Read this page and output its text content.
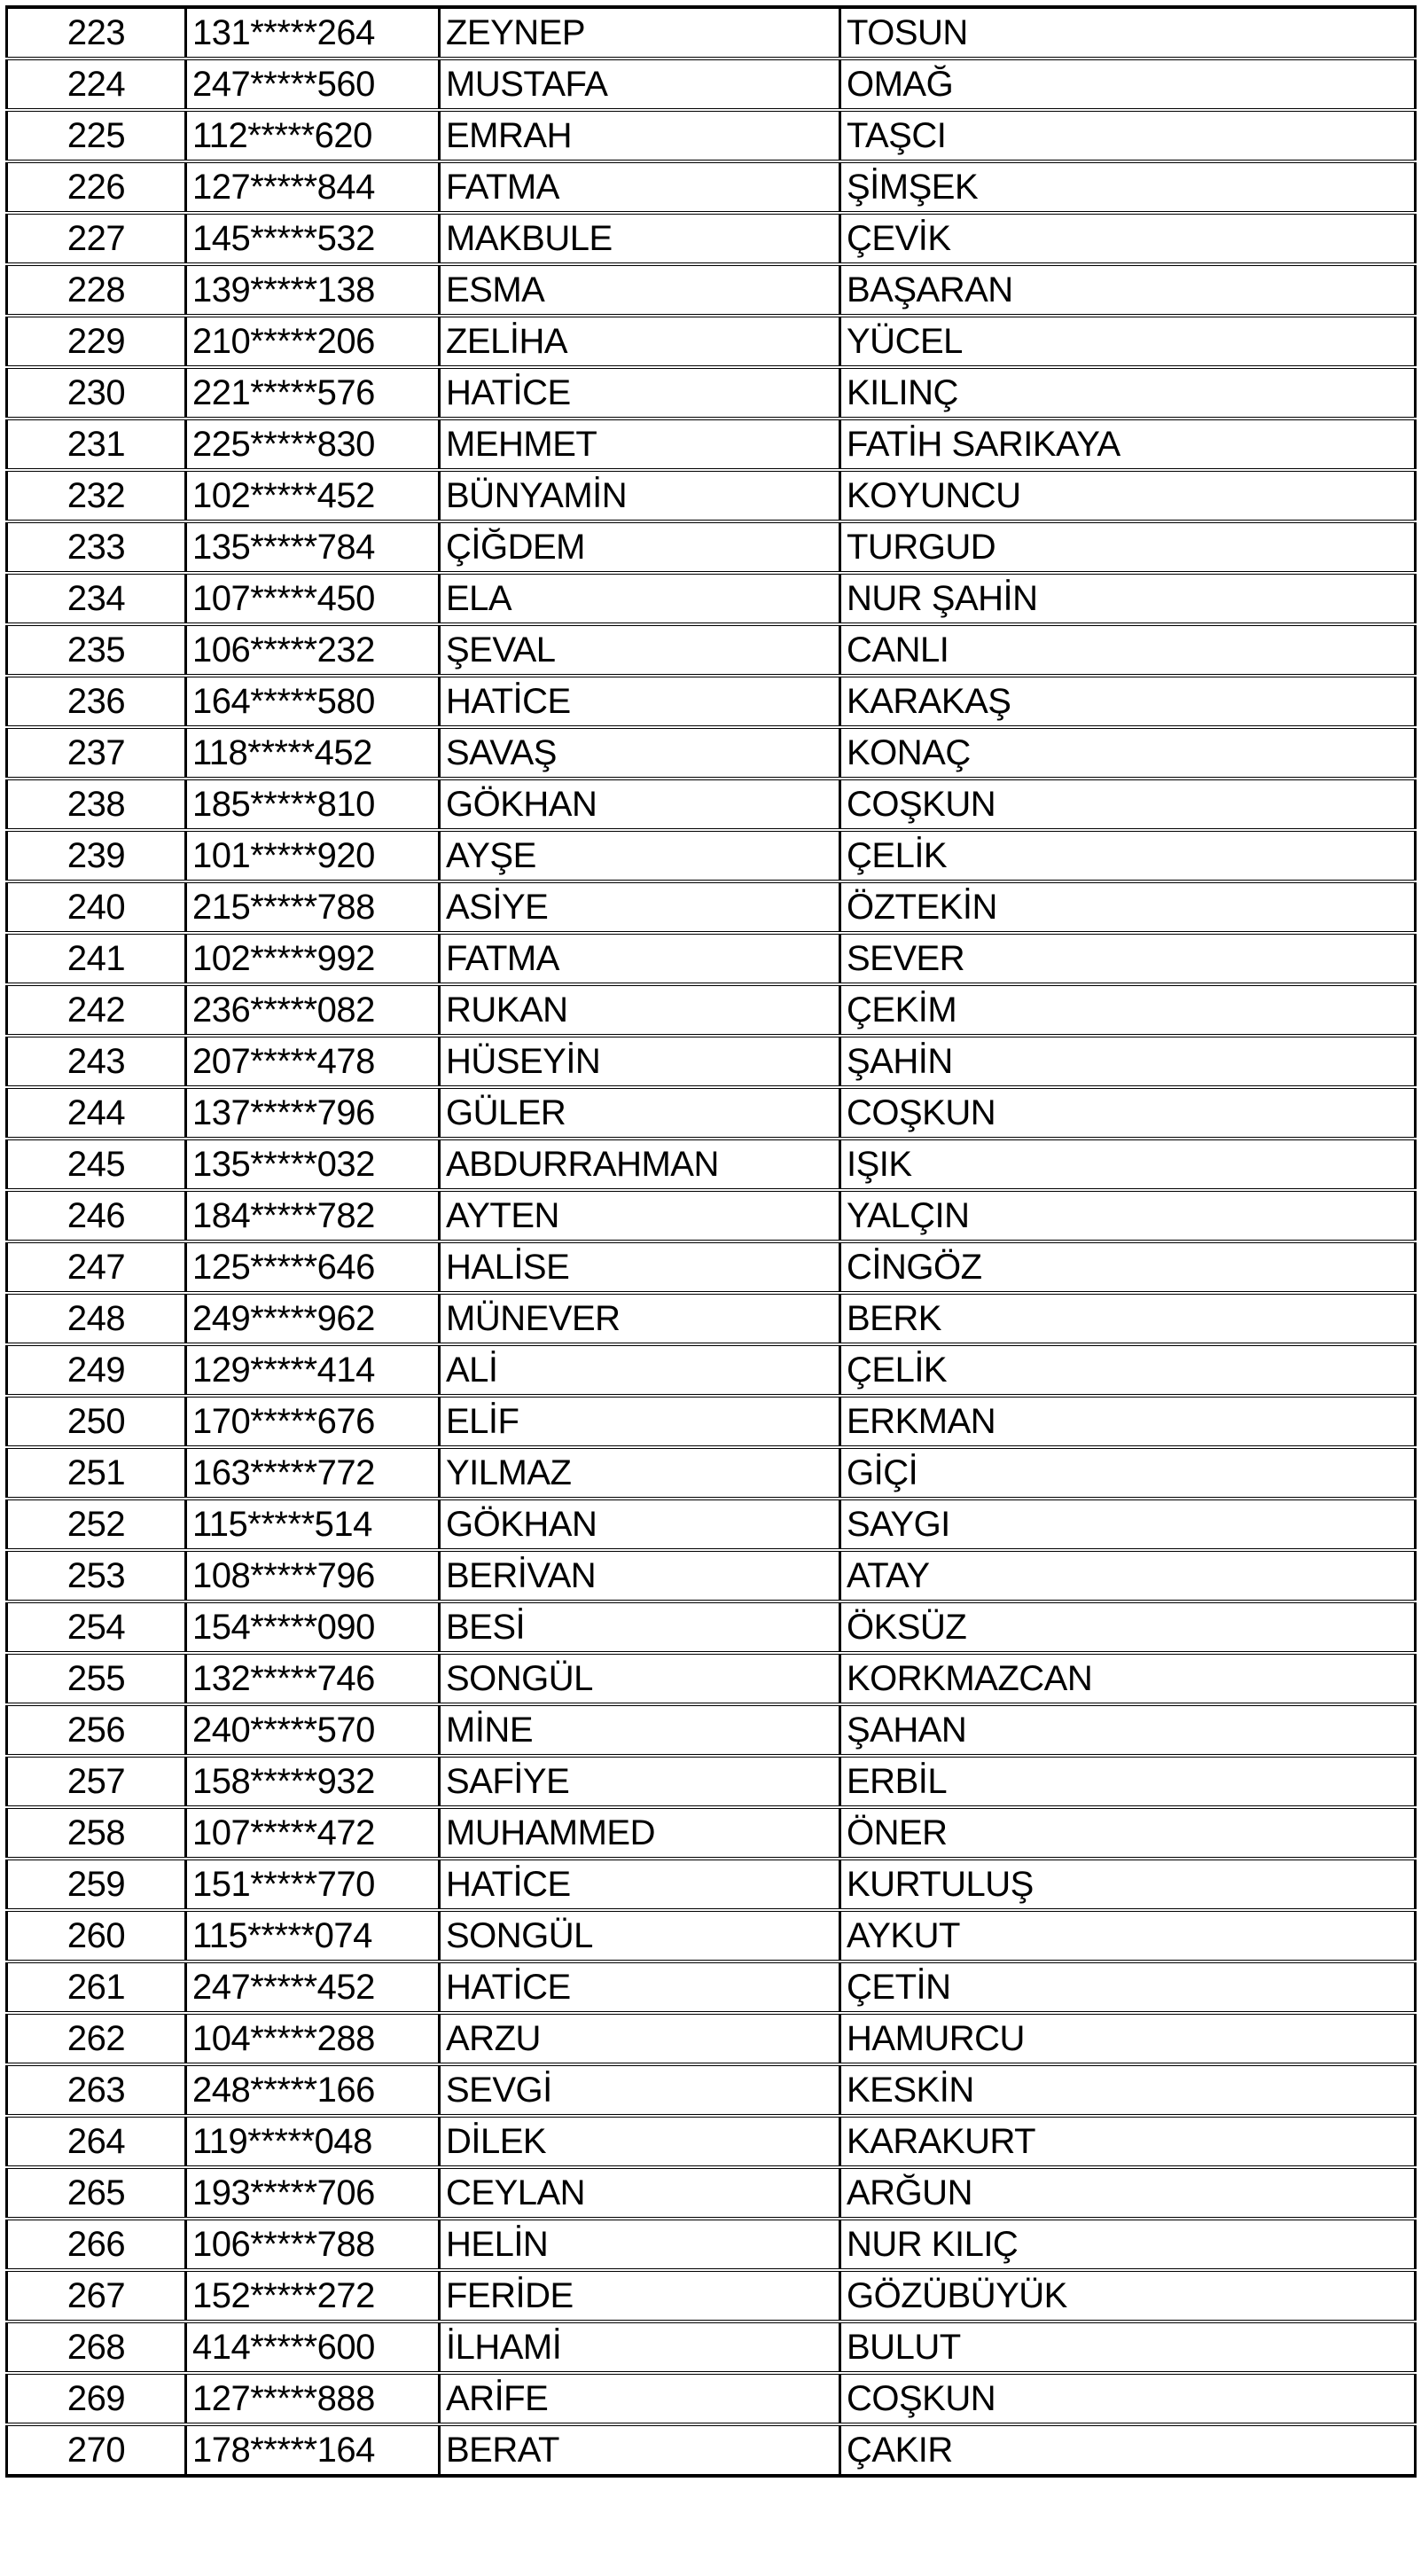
223	131*****264	ZEYNEP	TOSUN
224	247*****560	MUSTAFA	OMAĞ
225	112*****620	EMRAH	TAŞCI
226	127*****844	FATMA	ŞİMŞEK
227	145*****532	MAKBULE	ÇEVİK
228	139*****138	ESMA	BAŞARAN
229	210*****206	ZELİHA	YÜCEL
230	221*****576	HATİCE	KILINÇ
231	225*****830	MEHMET	FATİH SARIKAYA
232	102*****452	BÜNYAMİN	KOYUNCU
233	135*****784	ÇİĞDEM	TURGUD
234	107*****450	ELA	NUR ŞAHİN
235	106*****232	ŞEVAL	CANLI
236	164*****580	HATİCE	KARAKAŞ
237	118*****452	SAVAŞ	KONAÇ
238	185*****810	GÖKHAN	COŞKUN
239	101*****920	AYŞE	ÇELİK
240	215*****788	ASİYE	ÖZTEKİN
241	102*****992	FATMA	SEVER
242	236*****082	RUKAN	ÇEKİM
243	207*****478	HÜSEYİN	ŞAHİN
244	137*****796	GÜLER	COŞKUN
245	135*****032	ABDURRAHMAN	IŞIK
246	184*****782	AYTEN	YALÇIN
247	125*****646	HALİSE	CİNGÖZ
248	249*****962	MÜNEVER	BERK
249	129*****414	ALİ	ÇELİK
250	170*****676	ELİF	ERKMAN
251	163*****772	YILMAZ	GİÇİ
252	115*****514	GÖKHAN	SAYGI
253	108*****796	BERİVAN	ATAY
254	154*****090	BESİ	ÖKSÜZ
255	132*****746	SONGÜL	KORKMAZCAN
256	240*****570	MİNE	ŞAHAN
257	158*****932	SAFİYE	ERBİL
258	107*****472	MUHAMMED	ÖNER
259	151*****770	HATİCE	KURTULUŞ
260	115*****074	SONGÜL	AYKUT
261	247*****452	HATİCE	ÇETİN
262	104*****288	ARZU	HAMURCU
263	248*****166	SEVGİ	KESKİN
264	119*****048	DİLEK	KARAKURT
265	193*****706	CEYLAN	ARĞUN
266	106*****788	HELİN	NUR KILIÇ
267	152*****272	FERİDE	GÖZÜBÜYÜK
268	414*****600	İLHAMİ	BULUT
269	127*****888	ARİFE	COŞKUN
270	178*****164	BERAT	ÇAKIR
